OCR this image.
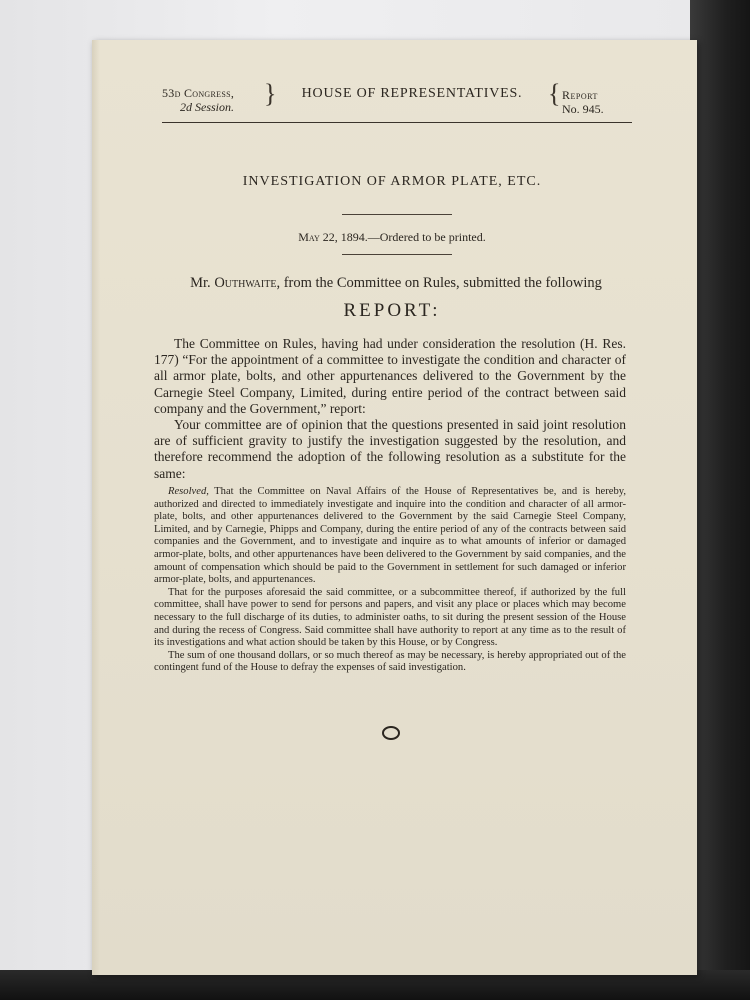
53d Congress,
2d Session.	}	HOUSE OF REPRESENTATIVES. { Report
No. 945.
INVESTIGATION OF ARMOR PLATE, ETC.
May 22, 1894.—Ordered to be printed.
Mr. Outhwaite, from the Committee on Rules, submitted the following
REPORT:

The Committee on Rules, having had under consideration the resolution (H. Res. 177) “For the appointment of a committee to investigate the condition and character of all armor plate, bolts, and other appurtenances delivered to the Government by the Carnegie Steel Company, Limited, during entire period of the contract between said company and the Government,” report:

Your committee are of opinion that the questions presented in said joint resolution are of sufficient gravity to justify the investigation suggested by the resolution, and therefore recommend the adoption of the following resolution as a substitute for the same:

Resolved, That the Committee on Naval Affairs of the House of Representatives be, and is hereby, authorized and directed to immediately investigate and inquire into the condition and character of all armor-plate, bolts, and other appurtenances delivered to the Government by the said Carnegie Steel Company, Limited, and by Carnegie, Phipps and Company, during the entire period of any of the contracts between said companies and the Government, and to investigate and inquire as to what amounts of inferior or damaged armor-plate, bolts, and other appurtenances have been delivered to the Government by said companies, and the amount of compensation which should be paid to the Government in settlement for such damaged or inferior armor-plate, bolts, and appurtenances.

That for the purposes aforesaid the said committee, or a subcommittee thereof, if authorized by the full committee, shall have power to send for persons and papers, and visit any place or places which may become necessary to the full discharge of its duties, to administer oaths, to sit during the present session of the House and during the recess of Congress. Said committee shall have authority to report at any time as to the result of its investigations and what action should be taken by this House, or by Congress.

The sum of one thousand dollars, or so much thereof as may be necessary, is hereby appropriated out of the contingent fund of the House to defray the expenses of said investigation.
